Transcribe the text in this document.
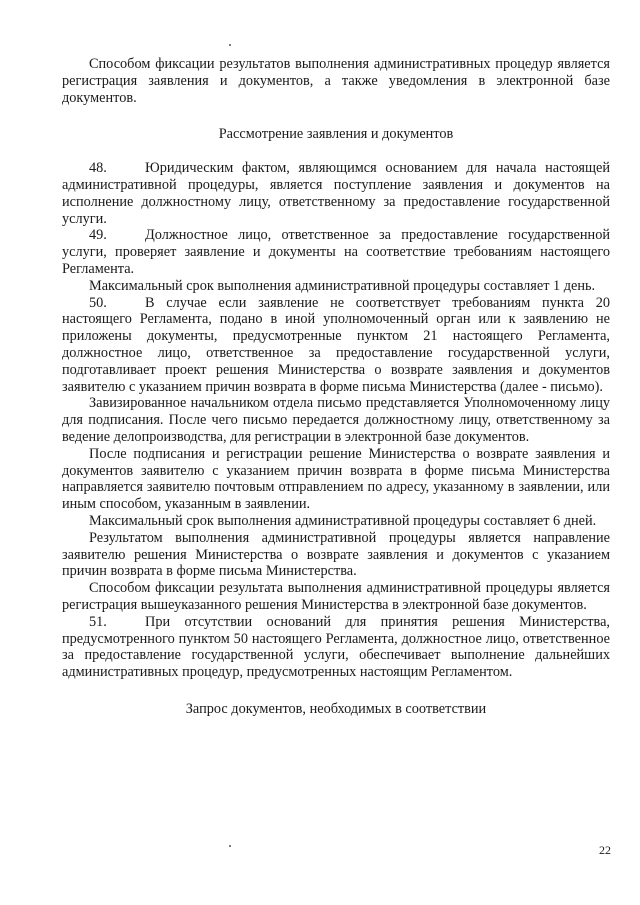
Способом фиксации результатов выполнения административных процедур является регистрация заявления и документов, а также уведомления в электронной базе документов.

Рассмотрение заявления и документов

48.	Юридическим фактом, являющимся основанием для начала настоящей административной процедуры, является поступление заявления и документов на исполнение должностному лицу, ответственному за предоставление государственной услуги.

49.	Должностное лицо, ответственное за предоставление государственной услуги, проверяет заявление и документы на соответствие требованиям настоящего Регламента.

Максимальный срок выполнения административной процедуры составляет 1 день.

50.	В случае если заявление не соответствует требованиям пункта 20 настоящего Регламента, подано в иной уполномоченный орган или к заявлению не приложены документы, предусмотренные пунктом 21 настоящего Регламента, должностное лицо, ответственное за предоставление государственной услуги, подготавливает проект решения Министерства о возврате заявления и документов заявителю с указанием причин возврата в форме письма Министерства (далее - письмо).

Завизированное начальником отдела письмо представляется Уполномоченному лицу для подписания. После чего письмо передается должностному лицу, ответственному за ведение делопроизводства, для регистрации в электронной базе документов.

После подписания и регистрации решение Министерства о возврате заявления и документов заявителю с указанием причин возврата в форме письма Министерства направляется заявителю почтовым отправлением по адресу, указанному в заявлении, или иным способом, указанным в заявлении.

Максимальный срок выполнения административной процедуры составляет 6 дней.

Результатом выполнения административной процедуры является направление заявителю решения Министерства о возврате заявления и документов с указанием причин возврата в форме письма Министерства.

Способом фиксации результата выполнения административной процедуры является регистрация вышеуказанного решения Министерства в электронной базе документов.

51.	При отсутствии оснований для принятия решения Министерства, предусмотренного пунктом 50 настоящего Регламента, должностное лицо, ответственное за предоставление государственной услуги, обеспечивает выполнение дальнейших административных процедур, предусмотренных настоящим Регламентом.

Запрос документов, необходимых в соответствии

22
